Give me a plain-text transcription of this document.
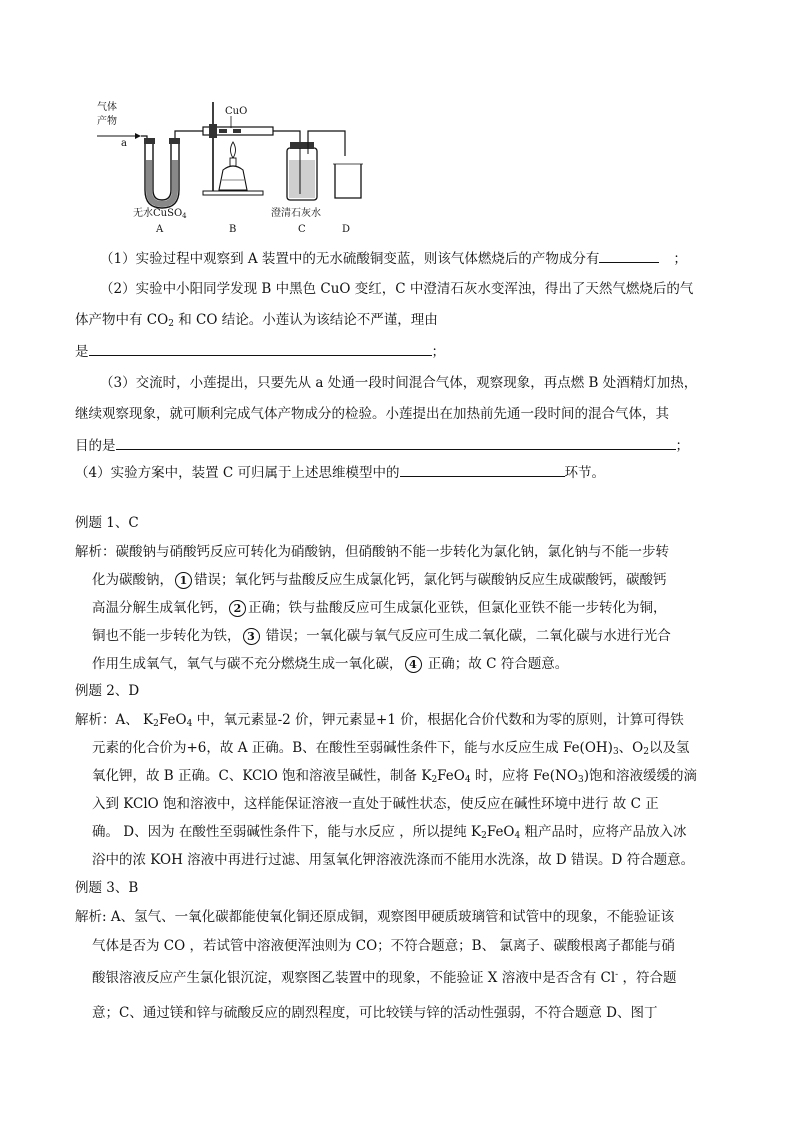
气体
产物
a
无水CuSO$_4$
A
CuO
B
澄清石灰水
C	D
（1）实验过程中观察到 A 装置中的无水硫酸铜变蓝，则该气体燃烧后的产物成分有	；
（2）实验中小阳同学发现 B 中黑色 CuO 变红，C 中澄清石灰水变浑浊，得出了天然气燃烧后的气
体产物中有 $CO_2$ 和 CO 结论。小莲认为该结论不严谨，理由
是	；
（3）交流时，小莲提出，只要先从 a 处通一段时间混合气体，观察现象，再点燃 B 处酒精灯加热，
继续观察现象，就可顺利完成气体产物成分的检验。小莲提出在加热前先通一段时间的混合气体，其
目的是	；
（4）实验方案中，装置 C 可归属于上述思维模型中的	环节。
例题 1、C
解析：碳酸钠与硝酸钙反应可转化为硝酸钠，但硝酸钠不能一步转化为氯化钠，氯化钠与不能一步转
化为碳酸钠， 1 错误；氧化钙与盐酸反应生成氯化钙，氯化钙与碳酸钠反应生成碳酸钙，碳酸钙
高温分解生成氧化钙， 2 正确；铁与盐酸反应可生成氯化亚铁，但氯化亚铁不能一步转化为铜，
铜也不能一步转化为铁， 3 错误；一氧化碳与氧气反应可生成二氧化碳，二氧化碳与水进行光合
作用生成氧气，氧气与碳不充分燃烧生成一氧化碳， 4 正确；故 C 符合题意。
例题 2、D
解析：A、 $K_2FeO_4$ 中，氧元素显-2 价，钾元素显+1 价，根据化合价代数和为零的原则，计算可得铁
元素的化合价为+6，故 A 正确。B、在酸性至弱碱性条件下，能与水反应生成 $Fe(OH)_3$、$O_2$以及氢
氧化钾，故 B 正确。C、KClO 饱和溶液呈碱性，制备 $K_2FeO_4$ 时，应将 $Fe(NO_3)$饱和溶液缓缓的滴
入到 KClO 饱和溶液中，这样能保证溶液一直处于碱性状态，使反应在碱性环境中进行 故 C 正
确。 D、因为 在酸性至弱碱性条件下，能与水反应 ，所以提纯 $K_2FeO_4$ 粗产品时，应将产品放入冰
浴中的浓 KOH 溶液中再进行过滤、用氢氧化钾溶液洗涤而不能用水洗涤，故 D 错误。D 符合题意。
例题 3、B
解析: A、氢气、一氧化碳都能使氧化铜还原成铜，观察图甲硬质玻璃管和试管中的现象，不能验证该
气体是否为 CO ，若试管中溶液便浑浊则为 CO；不符合题意；B、 氯离子、碳酸根离子都能与硝
酸银溶液反应产生氯化银沉淀，观察图乙装置中的现象，不能验证 X 溶液中是否含有 Cl- ，符合题
意；C、通过镁和锌与硫酸反应的剧烈程度，可比较镁与锌的活动性强弱，不符合题意 D、图丁
